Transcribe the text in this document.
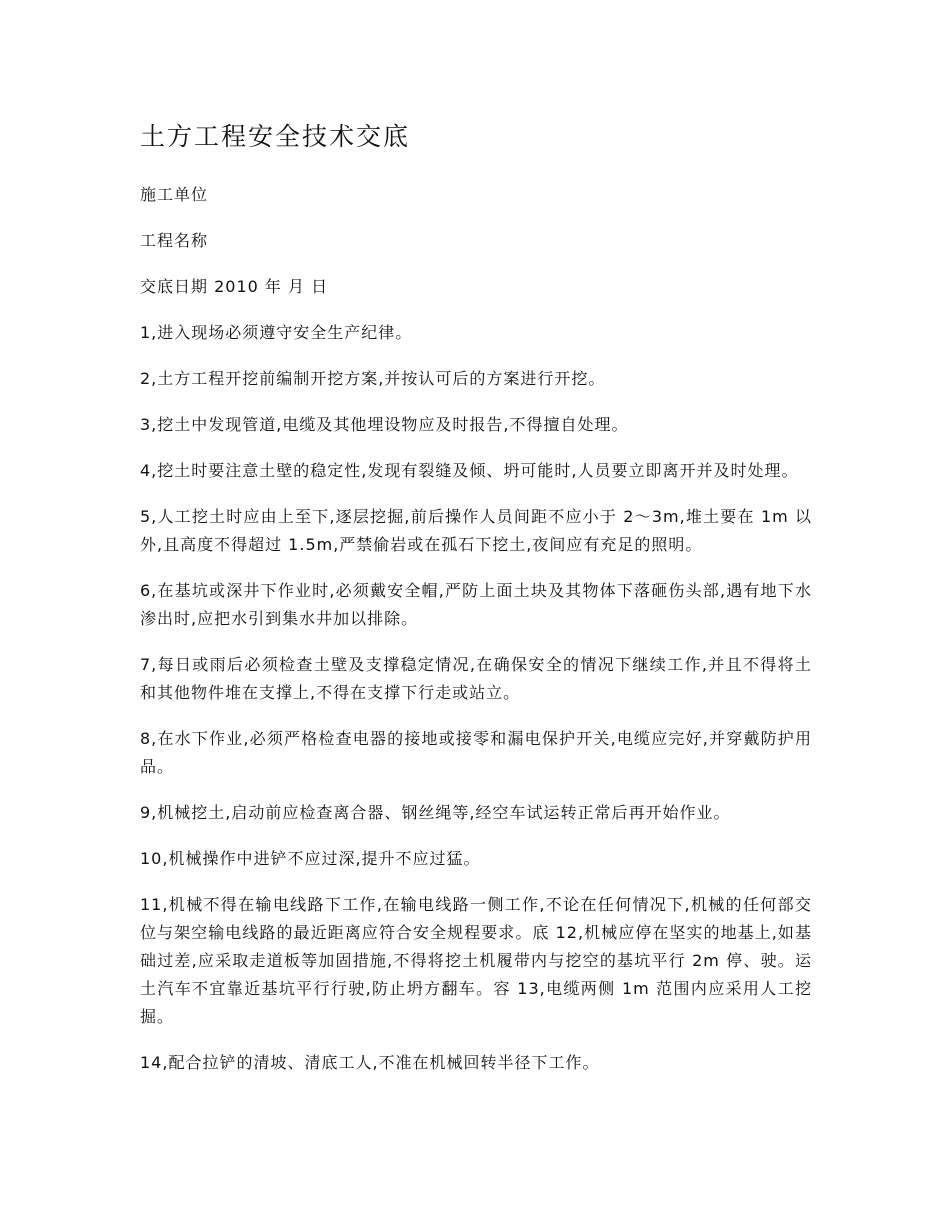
土方工程安全技术交底

施工单位

工程名称

交底日期 2010 年 月 日

1,进入现场必须遵守安全生产纪律。

2,土方工程开挖前编制开挖方案,并按认可后的方案进行开挖。

3,挖土中发现管道,电缆及其他埋设物应及时报告,不得擅自处理。

4,挖土时要注意土壁的稳定性,发现有裂缝及倾、坍可能时,人员要立即离开并及时处理。

5,人工挖土时应由上至下,逐层挖掘,前后操作人员间距不应小于 2～3m,堆土要在 1m 以外,且高度不得超过 1.5m,严禁偷岩或在孤石下挖土,夜间应有充足的照明。

6,在基坑或深井下作业时,必须戴安全帽,严防上面土块及其物体下落砸伤头部,遇有地下水渗出时,应把水引到集水井加以排除。

7,每日或雨后必须检查土壁及支撑稳定情况,在确保安全的情况下继续工作,并且不得将土和其他物件堆在支撑上,不得在支撑下行走或站立。

8,在水下作业,必须严格检查电器的接地或接零和漏电保护开关,电缆应完好,并穿戴防护用品。

9,机械挖土,启动前应检查离合器、钢丝绳等,经空车试运转正常后再开始作业。

10,机械操作中进铲不应过深,提升不应过猛。

11,机械不得在输电线路下工作,在输电线路一侧工作,不论在任何情况下,机械的任何部交位与架空输电线路的最近距离应符合安全规程要求。底 12,机械应停在坚实的地基上,如基础过差,应采取走道板等加固措施,不得将挖土机履带内与挖空的基坑平行 2m 停、驶。运土汽车不宜靠近基坑平行行驶,防止坍方翻车。容 13,电缆两侧 1m 范围内应采用人工挖掘。

14,配合拉铲的清坡、清底工人,不准在机械回转半径下工作。
